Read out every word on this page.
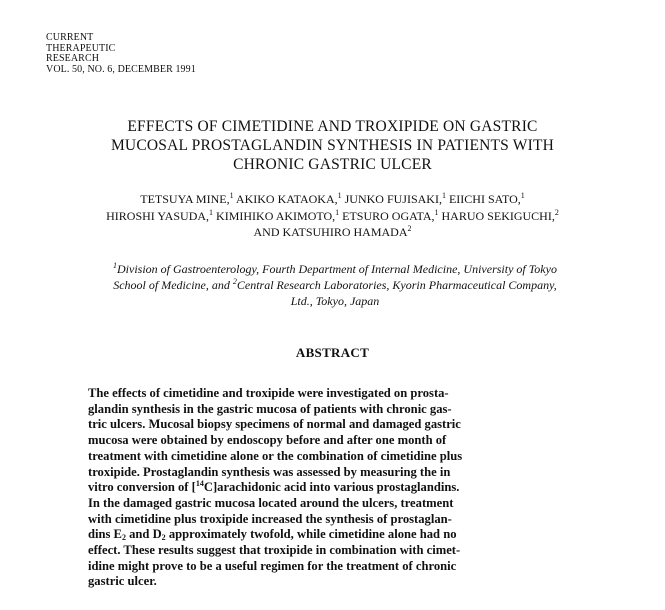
CURRENT
THERAPEUTIC
RESEARCH
VOL. 50, NO. 6, DECEMBER 1991
EFFECTS OF CIMETIDINE AND TROXIPIDE ON GASTRIC
MUCOSAL PROSTAGLANDIN SYNTHESIS IN PATIENTS WITH
CHRONIC GASTRIC ULCER
TETSUYA MINE,$^1$ AKIKO KATAOKA,$^1$ JUNKO FUJISAKI,$^1$ EIICHI SATO,$^1$
HIROSHI YASUDA,$^1$ KIMIHIKO AKIMOTO,$^1$ ETSURO OGATA,$^1$ HARUO SEKIGUCHI,$^2$
AND KATSUHIRO HAMADA$^2$
$^1$Division of Gastroenterology, Fourth Department of Internal Medicine, University of Tokyo
School of Medicine, and $^2$Central Research Laboratories, Kyorin Pharmaceutical Company,
Ltd., Tokyo, Japan
ABSTRACT
The effects of cimetidine and troxipide were investigated on prosta-
glandin synthesis in the gastric mucosa of patients with chronic gas-
tric ulcers. Mucosal biopsy specimens of normal and damaged gastric
mucosa were obtained by endoscopy before and after one month of
treatment with cimetidine alone or the combination of cimetidine plus
troxipide. Prostaglandin synthesis was assessed by measuring the in
vitro conversion of [$^{14}$C]arachidonic acid into various prostaglandins.
In the damaged gastric mucosa located around the ulcers, treatment
with cimetidine plus troxipide increased the synthesis of prostaglan-
dins $E_2$ and $D_2$ approximately twofold, while cimetidine alone had no
effect. These results suggest that troxipide in combination with cimet-
idine might prove to be a useful regimen for the treatment of chronic
gastric ulcer.
